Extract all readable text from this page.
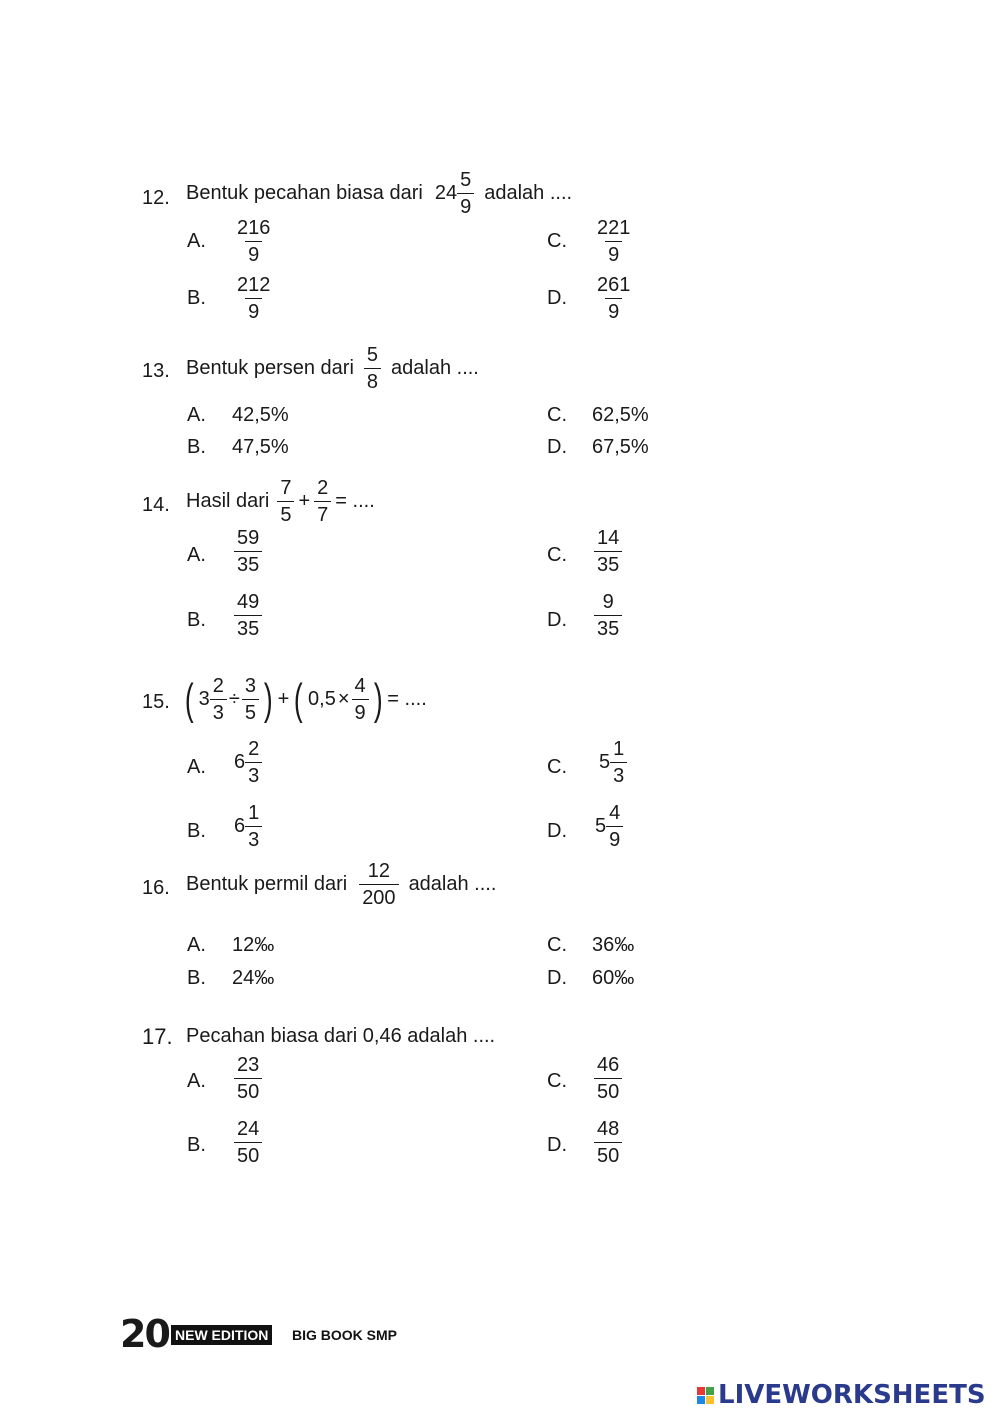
12. Bentuk pecahan biasa dari $24 \frac{5}{9}$ adalah ....
A. $\frac{216}{9}$	C. $\frac{221}{9}$
B. $\frac{212}{9}$	D. $\frac{261}{9}$
13. Bentuk persen dari $\frac{5}{8}$ adalah ....
A. 42,5%	C. 62,5%
B. 47,5%	D. 67,5%
14. Hasil dari $\frac{7}{5} + \frac{2}{7}$ = ....
A. $\frac{59}{35}$	C. $\frac{14}{35}$
B. $\frac{49}{35}$	D. $\frac{9}{35}$
15. ( $3 \frac{2}{3} \div \frac{3}{5}$ ) + ( $0,5 \times \frac{4}{9}$ ) = ....
A. $6 \frac{2}{3}$	C. $5 \frac{1}{3}$
B. $6 \frac{1}{3}$	D. $5 \frac{4}{9}$
16. Bentuk permil dari $\frac{12}{200}$ adalah ....
A. 12‰	C. 36‰
B. 24‰	D. 60‰
17. Pecahan biasa dari 0,46 adalah ....
A. $\frac{23}{50}$	C. $\frac{46}{50}$
B. $\frac{24}{50}$	D. $\frac{48}{50}$
20 NEW EDITION BIG BOOK SMP
LIVEWORKSHEETS
